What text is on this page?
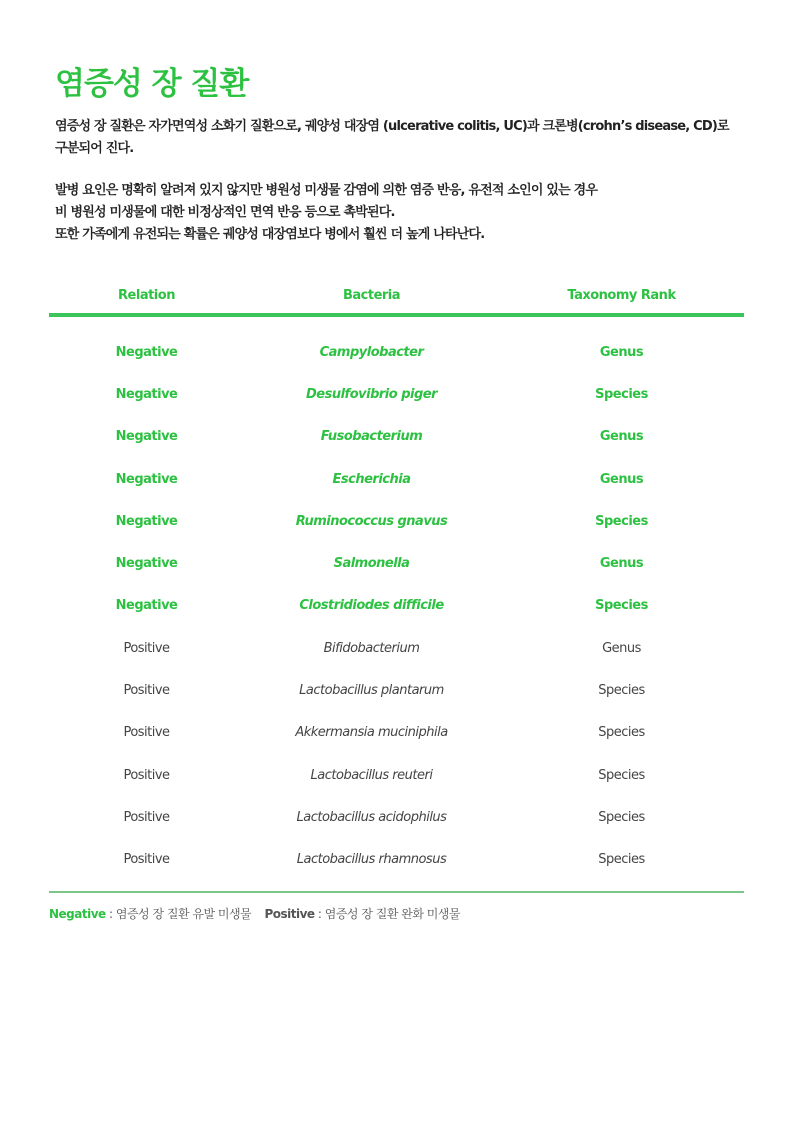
염증성 장 질환

염증성 장 질환은 자가면역성 소화기 질환으로, 궤양성 대장염 (ulcerative colitis, UC)과 크론병(crohn’s disease, CD)로

구분되어 진다.

발병 요인은 명확히 알려져 있지 않지만 병원성 미생물 감염에 의한 염증 반응, 유전적 소인이 있는 경우

비 병원성 미생물에 대한 비정상적인 면역 반응 등으로 촉박된다.

또한 가족에게 유전되는 확률은 궤양성 대장염보다 병에서 훨씬 더 높게 나타난다.

Relation	Bacteria	Taxonomy Rank
Negative	Campylobacter	Genus
Negative	Desulfovibrio piger	Species
Negative	Fusobacterium	Genus
Negative	Escherichia	Genus
Negative	Ruminococcus gnavus	Species
Negative	Salmonella	Genus
Negative	Clostridiodes difficile	Species
Positive	Bifidobacterium	Genus
Positive	Lactobacillus plantarum	Species
Positive	Akkermansia muciniphila	Species
Positive	Lactobacillus reuteri	Species
Positive	Lactobacillus acidophilus	Species
Positive	Lactobacillus rhamnosus	Species
Negative : 염증성 장 질환 유발 미생물 Positive : 염증성 장 질환 완화 미생물
